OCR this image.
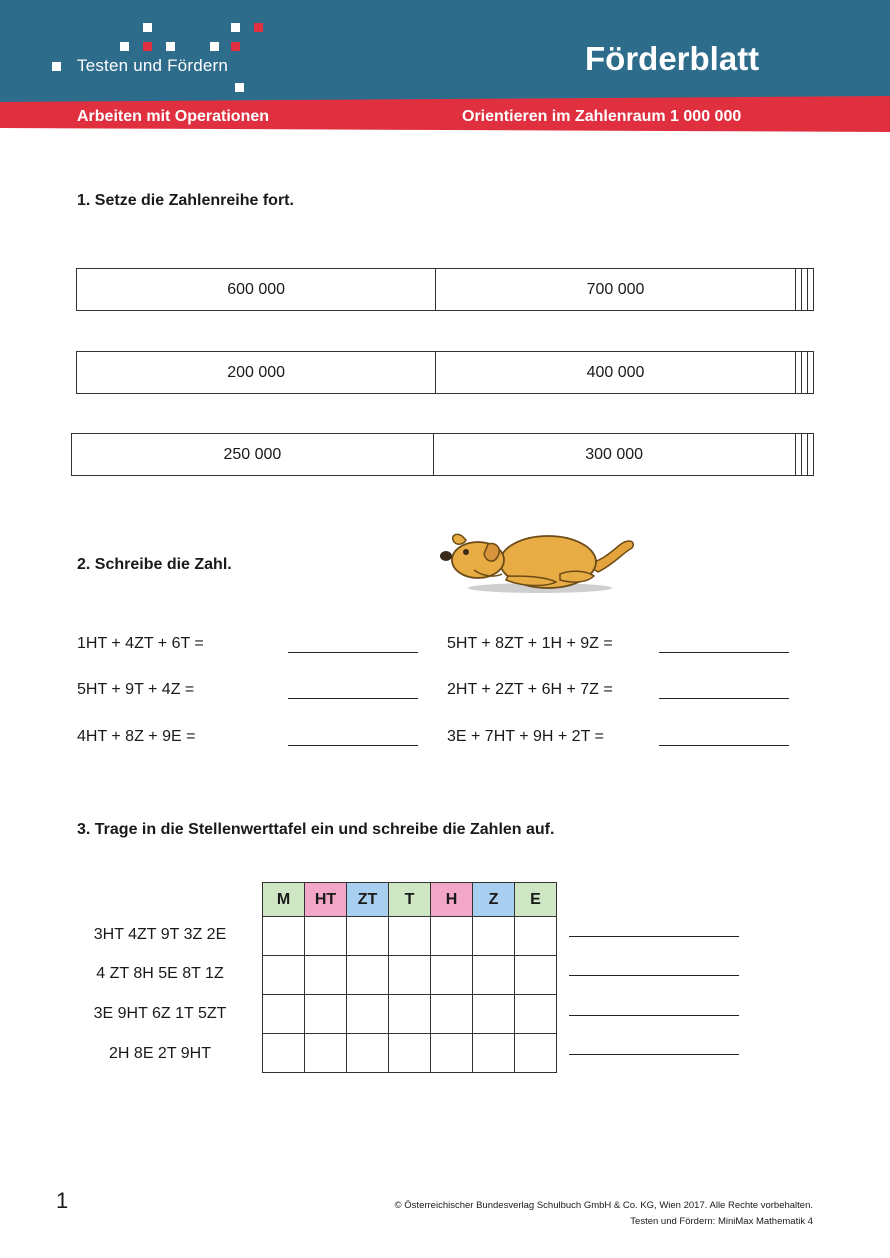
Testen und Fördern	Förderblatt
Arbeiten mit Operationen	Orientieren im Zahlenraum 1 000 000
1. Setze die Zahlenreihe fort.
600 000	700 000			
200 000	400 000			
250 000	300 000			
2. Schreibe die Zahl.
1HT + 4ZT + 6T =
5HT + 9T + 4Z =
4HT + 8Z + 9E =
5HT + 8ZT + 1H + 9Z =
2HT + 2ZT + 6H + 7Z =
3E + 7HT + 9H + 2T =
3. Trage in die Stellenwerttafel ein und schreibe die Zahlen auf.
M	HT	ZT	T	H	Z	E

3HT 4ZT 9T 3Z 2E
4 ZT 8H 5E 8T 1Z
3E 9HT 6Z 1T 5ZT
2H 8E 2T 9HT
1	© Österreichischer Bundesverlag Schulbuch GmbH & Co. KG, Wien 2017. Alle Rechte vorbehalten.
Testen und Fördern: MiniMax Mathematik 4
